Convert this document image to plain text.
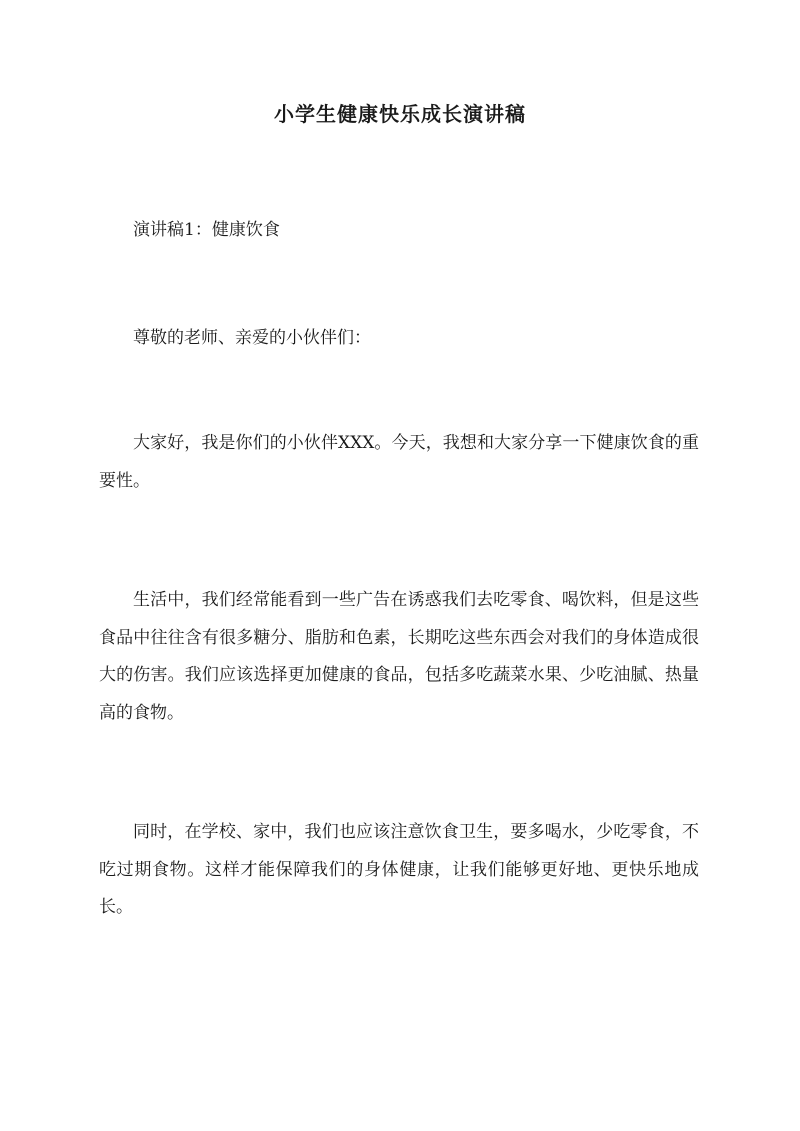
小学生健康快乐成长演讲稿

演讲稿1：健康饮食

尊敬的老师、亲爱的小伙伴们：

大家好，我是你们的小伙伴XXX。今天，我想和大家分享一下健康饮食的重要性。

生活中，我们经常能看到一些广告在诱惑我们去吃零食、喝饮料，但是这些食品中往往含有很多糖分、脂肪和色素，长期吃这些东西会对我们的身体造成很大的伤害。我们应该选择更加健康的食品，包括多吃蔬菜水果、少吃油腻、热量高的食物。

同时，在学校、家中，我们也应该注意饮食卫生，要多喝水，少吃零食，不吃过期食物。这样才能保障我们的身体健康，让我们能够更好地、更快乐地成长。
